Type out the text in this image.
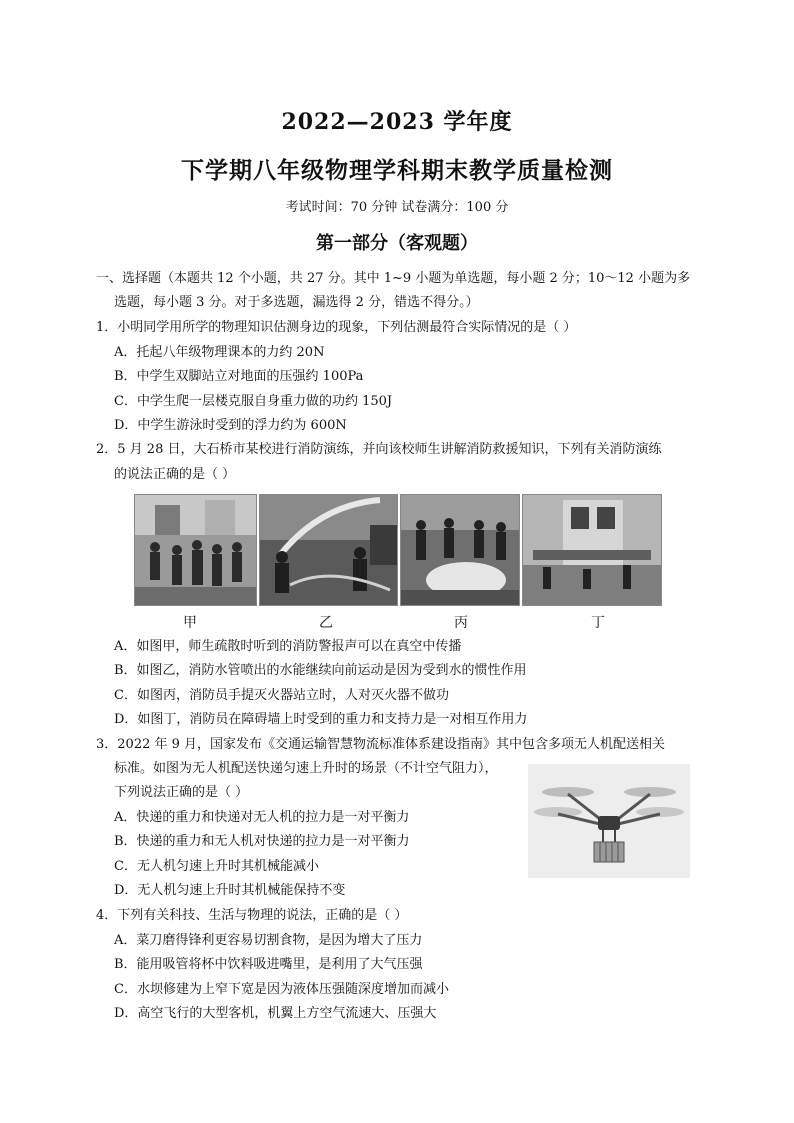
2022—2023 学年度
下学期八年级物理学科期末教学质量检测
考试时间：70 分钟 试卷满分：100 分
第一部分（客观题）
一、选择题（本题共 12 个小题，共 27 分。其中 1~9 小题为单选题，每小题 2 分；10～12 小题为多
选题，每小题 3 分。对于多选题，漏选得 2 分，错选不得分。）
1．小明同学用所学的物理知识估测身边的现象，下列估测最符合实际情况的是（ ）
A．托起八年级物理课本的力约 20N
B．中学生双脚站立对地面的压强约 100Pa
C．中学生爬一层楼克服自身重力做的功约 150J
D．中学生游泳时受到的浮力约为 600N
2．5 月 28 日，大石桥市某校进行消防演练，并向该校师生讲解消防救援知识，下列有关消防演练
的说法正确的是（ ）
甲	乙	丙	丁
A．如图甲，师生疏散时听到的消防警报声可以在真空中传播
B．如图乙，消防水管喷出的水能继续向前运动是因为受到水的惯性作用
C．如图丙，消防员手提灭火器站立时，人对灭火器不做功
D．如图丁，消防员在障碍墙上时受到的重力和支持力是一对相互作用力
3．2022 年 9 月，国家发布《交通运输智慧物流标准体系建设指南》其中包含多项无人机配送相关
标准。如图为无人机配送快递匀速上升时的场景（不计空气阻力），
下列说法正确的是（ ）
A．快递的重力和快递对无人机的拉力是一对平衡力
B．快递的重力和无人机对快递的拉力是一对平衡力
C．无人机匀速上升时其机械能减小
D．无人机匀速上升时其机械能保持不变
4．下列有关科技、生活与物理的说法，正确的是（ ）
A．菜刀磨得锋利更容易切割食物，是因为增大了压力
B．能用吸管将杯中饮料吸进嘴里，是利用了大气压强
C．水坝修建为上窄下宽是因为液体压强随深度增加而减小
D．高空飞行的大型客机，机翼上方空气流速大、压强大
